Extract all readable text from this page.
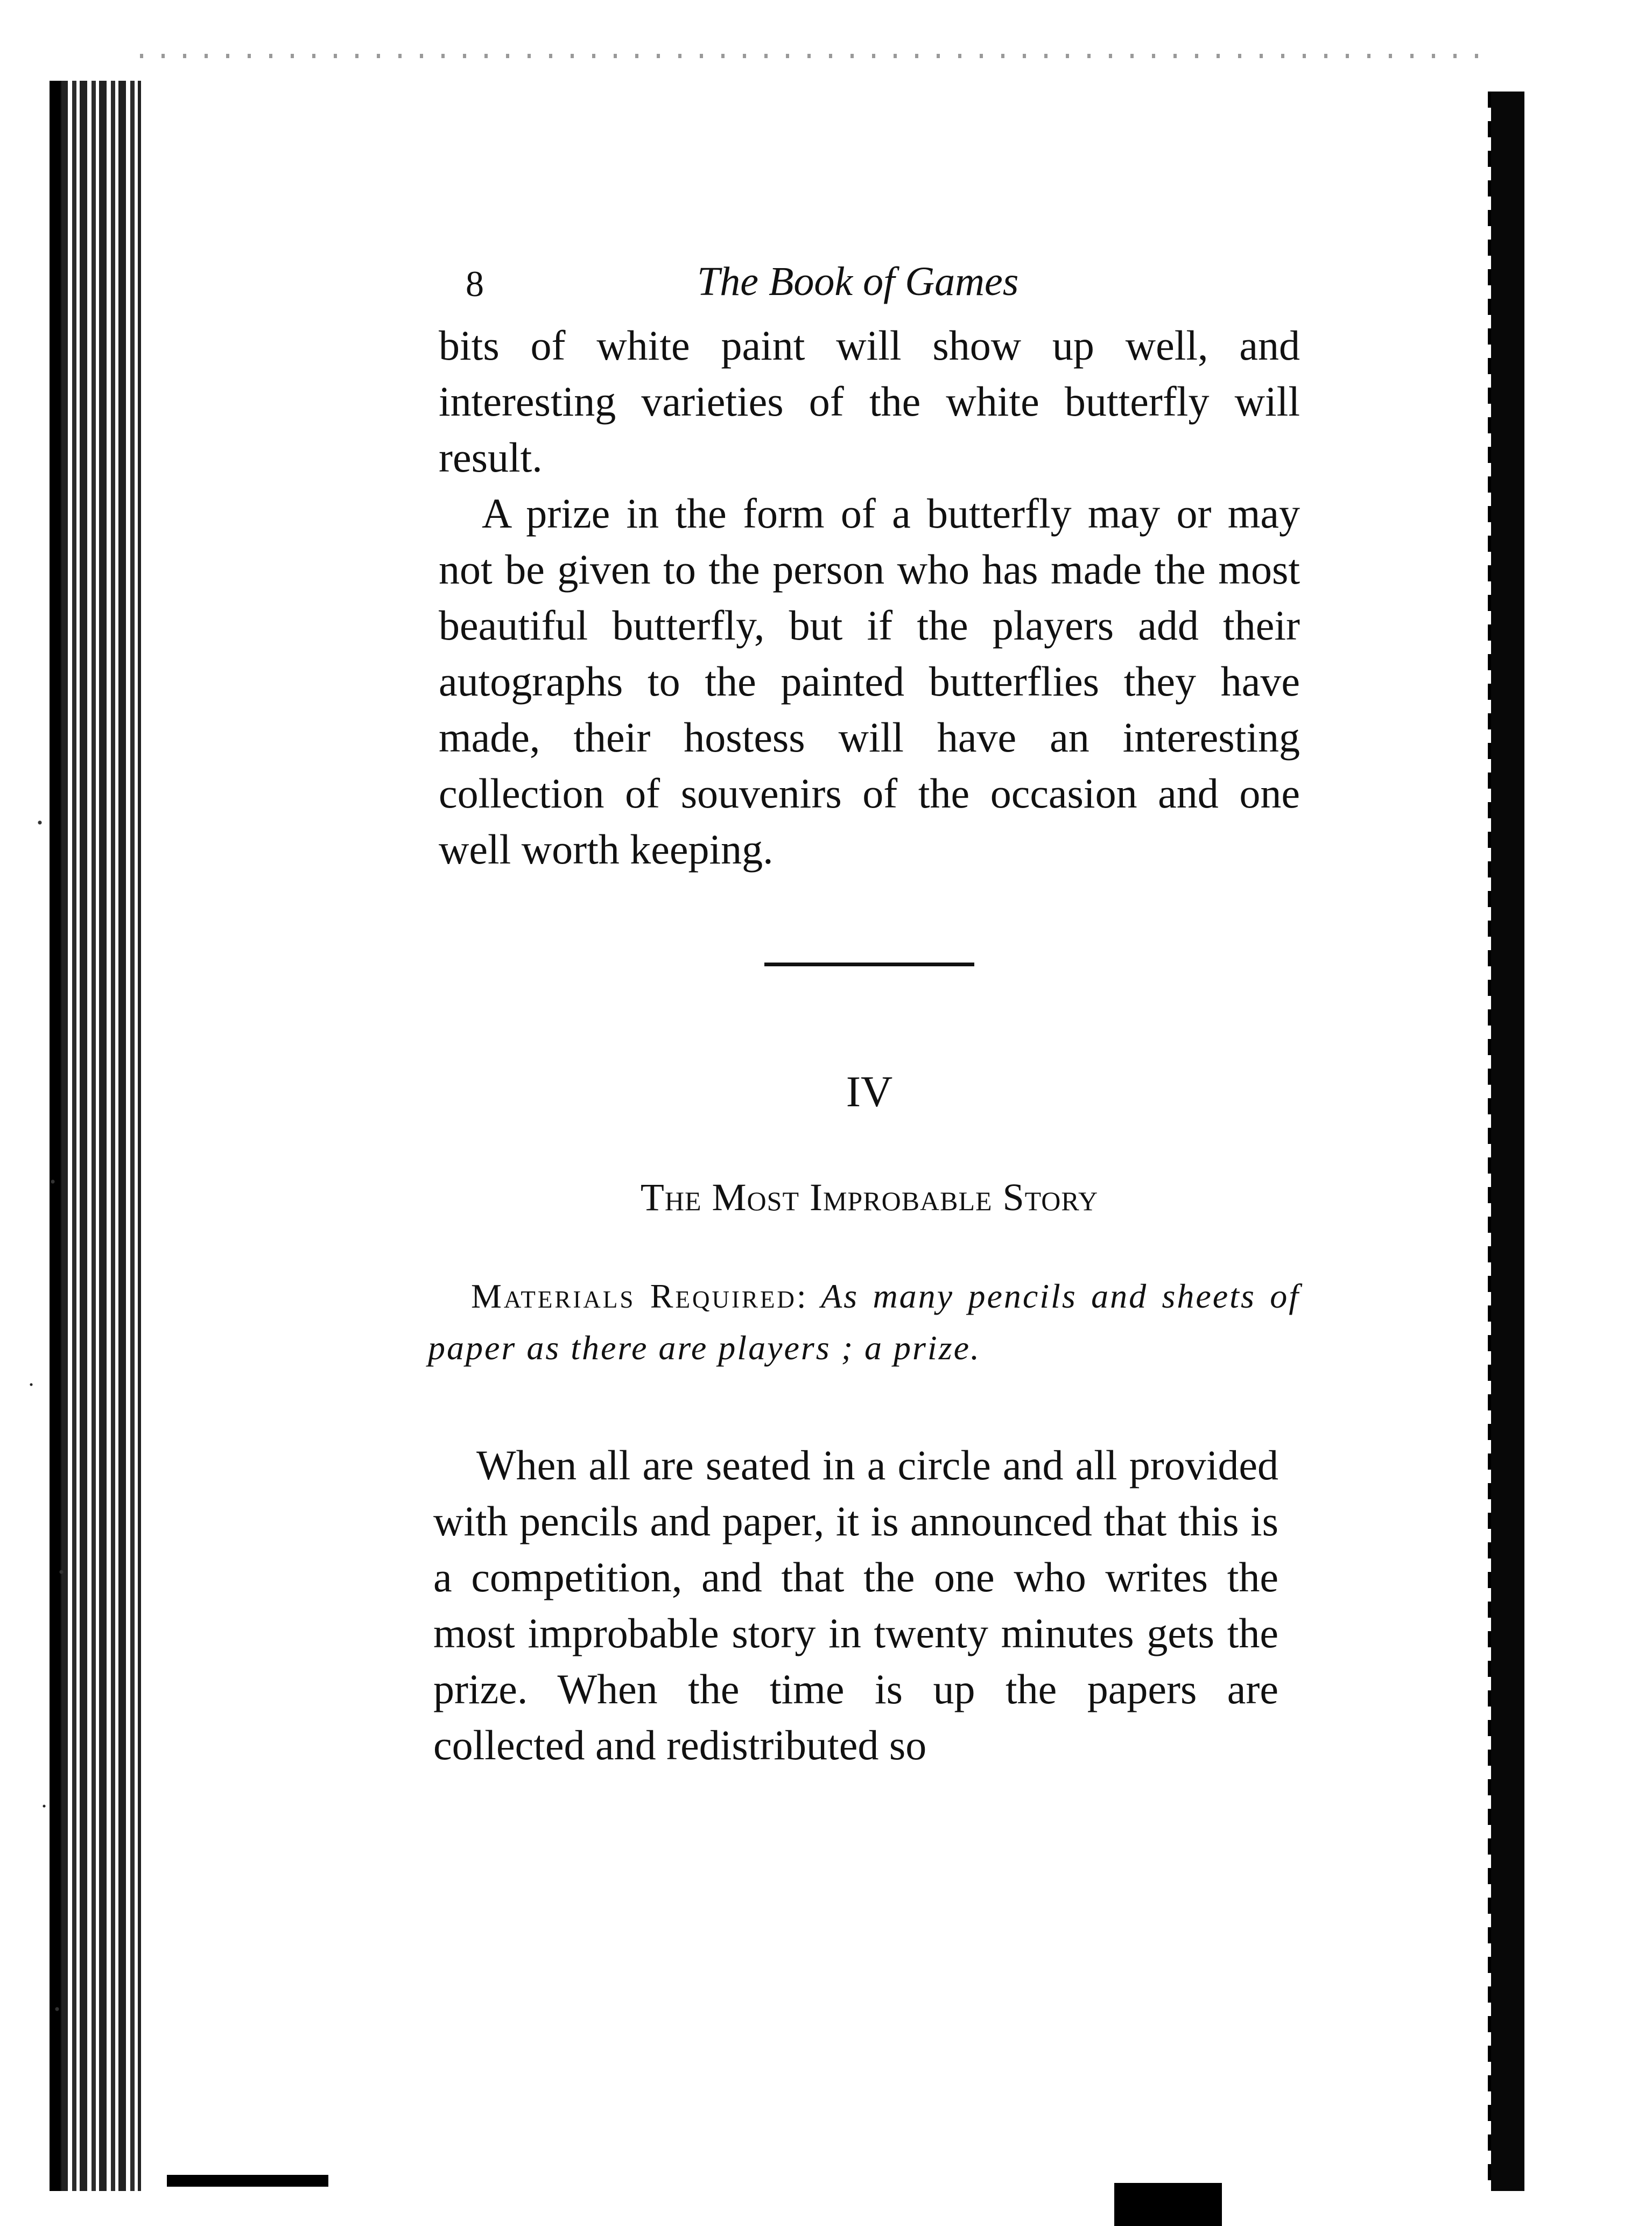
8	The Book of Games

bits of white paint will show up well, and interesting varieties of the white butterfly will result.

A prize in the form of a butterfly may or may not be given to the person who has made the most beautiful butterfly, but if the players add their autographs to the painted butterflies they have made, their hostess will have an interesting collection of souvenirs of the occasion and one well worth keeping.

IV
The Most Improbable Story

Materials Required: As many pencils and sheets of paper as there are players ; a prize.

When all are seated in a circle and all provided with pencils and paper, it is announced that this is a competition, and that the one who writes the most improbable story in twenty minutes gets the prize. When the time is up the papers are collected and redistributed so
